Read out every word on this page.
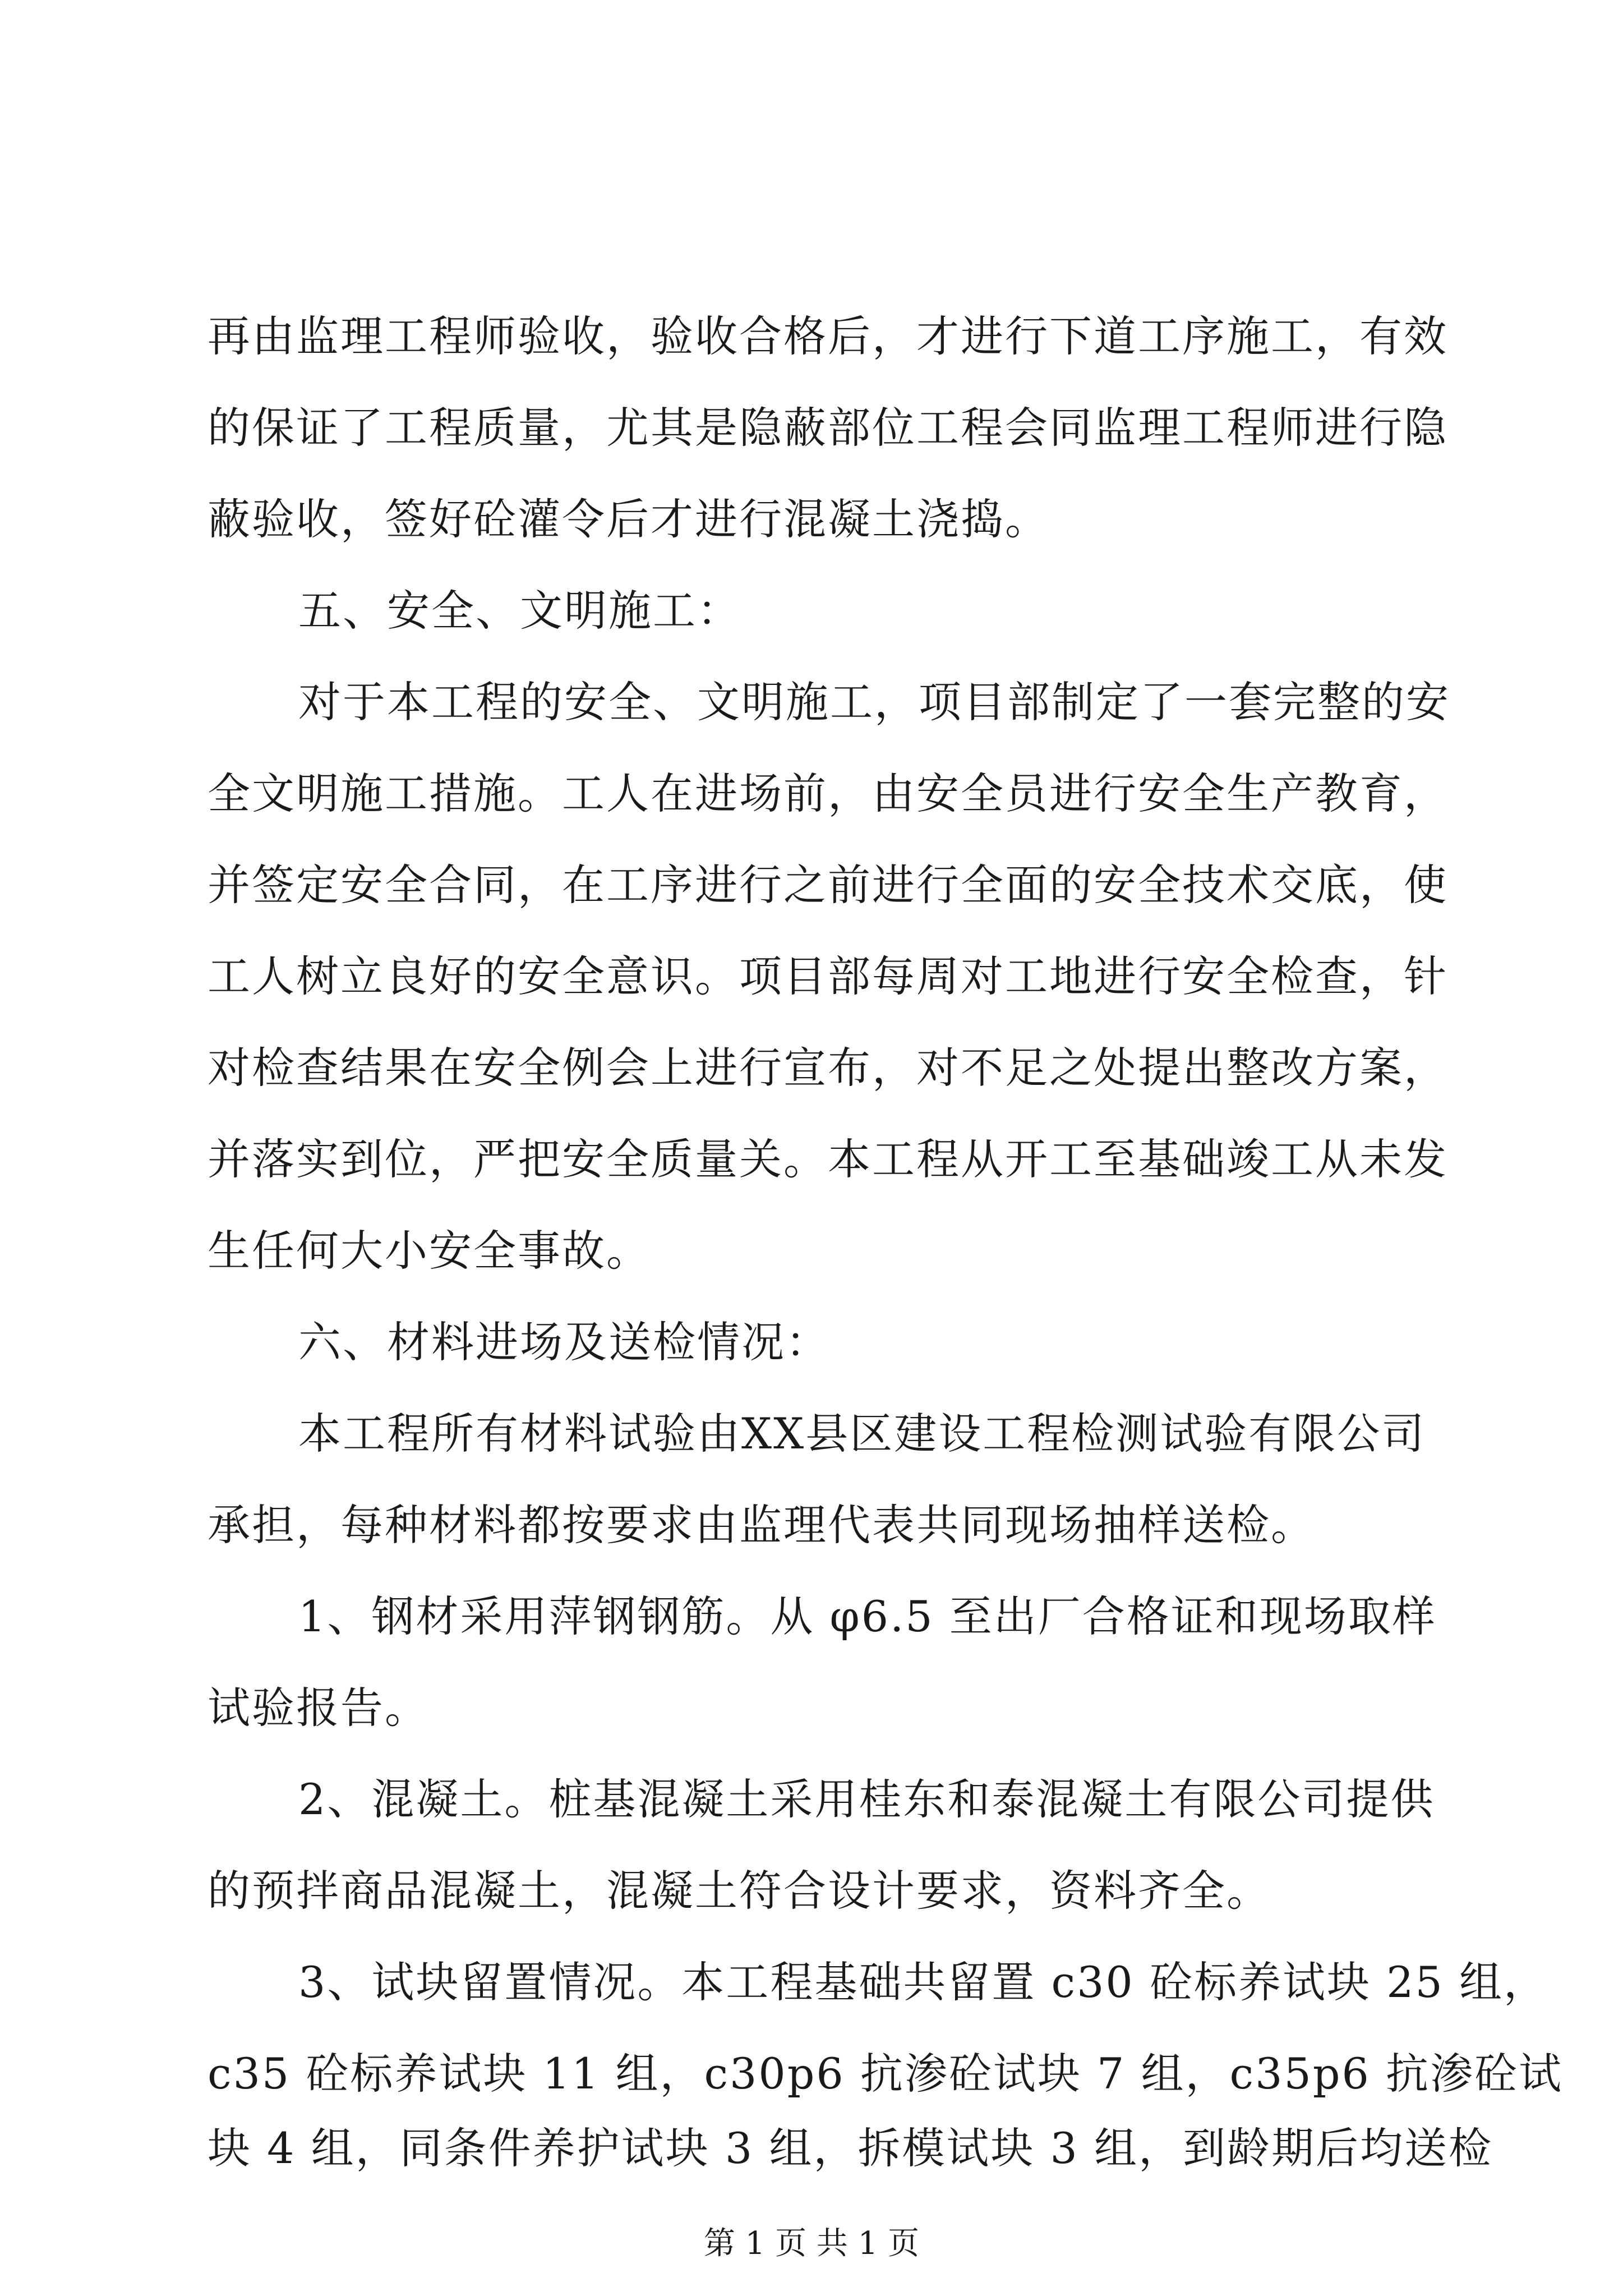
再由监理工程师验收，验收合格后，才进行下道工序施工，有效
的保证了工程质量，尤其是隐蔽部位工程会同监理工程师进行隐
蔽验收，签好砼灌令后才进行混凝土浇捣。
五、安全、文明施工：
对于本工程的安全、文明施工，项目部制定了一套完整的安
全文明施工措施。工人在进场前，由安全员进行安全生产教育，
并签定安全合同，在工序进行之前进行全面的安全技术交底，使
工人树立良好的安全意识。项目部每周对工地进行安全检查，针
对检查结果在安全例会上进行宣布，对不足之处提出整改方案，
并落实到位，严把安全质量关。本工程从开工至基础竣工从未发
生任何大小安全事故。
六、材料进场及送检情况：
本工程所有材料试验由XX县区建设工程检测试验有限公司
承担，每种材料都按要求由监理代表共同现场抽样送检。
1、钢材采用萍钢钢筋。从 φ6.5 至出厂合格证和现场取样
试验报告。
2、混凝土。桩基混凝土采用桂东和泰混凝土有限公司提供
的预拌商品混凝土，混凝土符合设计要求，资料齐全。
3、试块留置情况。本工程基础共留置 c30 砼标养试块 25 组，
c35 砼标养试块 11 组，c30p6 抗渗砼试块 7 组，c35p6 抗渗砼试
块 4 组，同条件养护试块 3 组，拆模试块 3 组，到龄期后均送检
第 1 页 共 1 页
